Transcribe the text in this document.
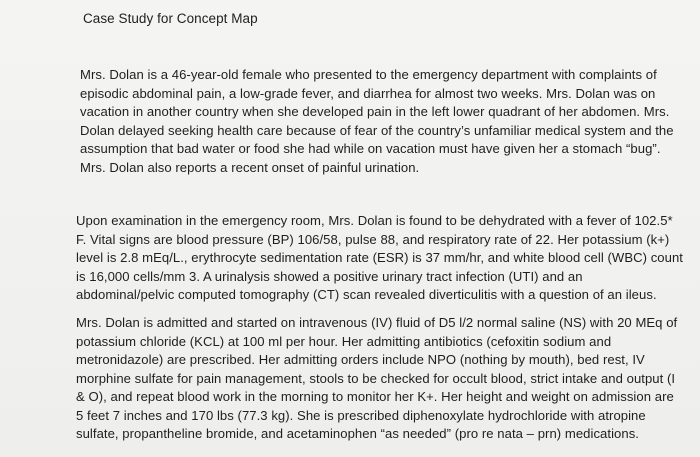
Case Study for Concept Map

Mrs. Dolan is a 46-year-old female who presented to the emergency department with complaints of
episodic abdominal pain, a low-grade fever, and diarrhea for almost two weeks. Mrs. Dolan was on
vacation in another country when she developed pain in the left lower quadrant of her abdomen. Mrs.
Dolan delayed seeking health care because of fear of the country’s unfamiliar medical system and the
assumption that bad water or food she had while on vacation must have given her a stomach “bug”.
Mrs. Dolan also reports a recent onset of painful urination.

Upon examination in the emergency room, Mrs. Dolan is found to be dehydrated with a fever of 102.5*
F. Vital signs are blood pressure (BP) 106/58, pulse 88, and respiratory rate of 22. Her potassium (k+)
level is 2.8 mEq/L., erythrocyte sedimentation rate (ESR) is 37 mm/hr, and white blood cell (WBC) count
is 16,000 cells/mm 3. A urinalysis showed a positive urinary tract infection (UTI) and an
abdominal/pelvic computed tomography (CT) scan revealed diverticulitis with a question of an ileus.

Mrs. Dolan is admitted and started on intravenous (IV) fluid of D5 l/2 normal saline (NS) with 20 MEq of
potassium chloride (KCL) at 100 ml per hour. Her admitting antibiotics (cefoxitin sodium and
metronidazole) are prescribed. Her admitting orders include NPO (nothing by mouth), bed rest, IV
morphine sulfate for pain management, stools to be checked for occult blood, strict intake and output (I
& O), and repeat blood work in the morning to monitor her K+. Her height and weight on admission are
5 feet 7 inches and 170 lbs (77.3 kg). She is prescribed diphenoxylate hydrochloride with atropine
sulfate, propantheline bromide, and acetaminophen “as needed” (pro re nata – prn) medications.
